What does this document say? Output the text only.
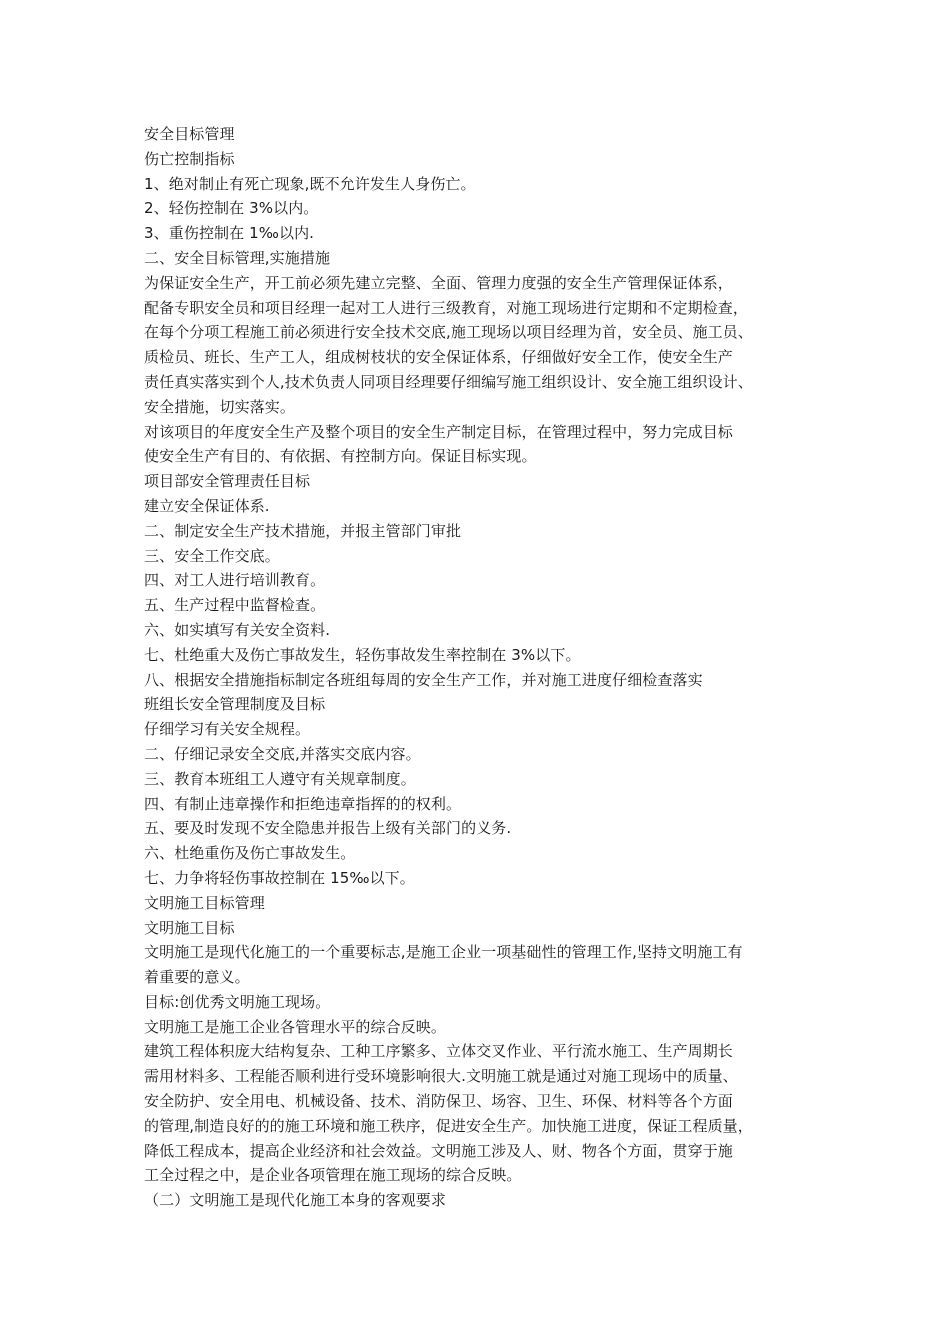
安全目标管理
伤亡控制指标
1、绝对制止有死亡现象,既不允许发生人身伤亡。
2、轻伤控制在 3%以内。
3、重伤控制在 1‰以内.
二、安全目标管理,实施措施
为保证安全生产，开工前必须先建立完整、全面、管理力度强的安全生产管理保证体系，
配备专职安全员和项目经理一起对工人进行三级教育，对施工现场进行定期和不定期检查，
在每个分项工程施工前必须进行安全技术交底,施工现场以项目经理为首，安全员、施工员、
质检员、班长、生产工人，组成树枝状的安全保证体系，仔细做好安全工作，使安全生产
责任真实落实到个人,技术负责人同项目经理要仔细编写施工组织设计、安全施工组织设计、
安全措施，切实落实。
对该项目的年度安全生产及整个项目的安全生产制定目标，在管理过程中，努力完成目标
使安全生产有目的、有依据、有控制方向。保证目标实现。
项目部安全管理责任目标
建立安全保证体系.
二、制定安全生产技术措施，并报主管部门审批
三、安全工作交底。
四、对工人进行培训教育。
五、生产过程中监督检查。
六、如实填写有关安全资料.
七、杜绝重大及伤亡事故发生，轻伤事故发生率控制在 3%以下。
八、根据安全措施指标制定各班组每周的安全生产工作，并对施工进度仔细检查落实
班组长安全管理制度及目标
仔细学习有关安全规程。
二、仔细记录安全交底,并落实交底内容。
三、教育本班组工人遵守有关规章制度。
四、有制止违章操作和拒绝违章指挥的的权利。
五、要及时发现不安全隐患并报告上级有关部门的义务.
六、杜绝重伤及伤亡事故发生。
七、力争将轻伤事故控制在 15‰以下。
文明施工目标管理
文明施工目标
文明施工是现代化施工的一个重要标志,是施工企业一项基础性的管理工作,坚持文明施工有
着重要的意义。
目标:创优秀文明施工现场。
文明施工是施工企业各管理水平的综合反映。
建筑工程体积庞大结构复杂、工种工序繁多、立体交叉作业、平行流水施工、生产周期长
需用材料多、工程能否顺利进行受环境影响很大.文明施工就是通过对施工现场中的质量、
安全防护、安全用电、机械设备、技术、消防保卫、场容、卫生、环保、材料等各个方面
的管理,制造良好的的施工环境和施工秩序，促进安全生产。加快施工进度，保证工程质量，
降低工程成本，提高企业经济和社会效益。文明施工涉及人、财、物各个方面，贯穿于施
工全过程之中，是企业各项管理在施工现场的综合反映。
（二）文明施工是现代化施工本身的客观要求
